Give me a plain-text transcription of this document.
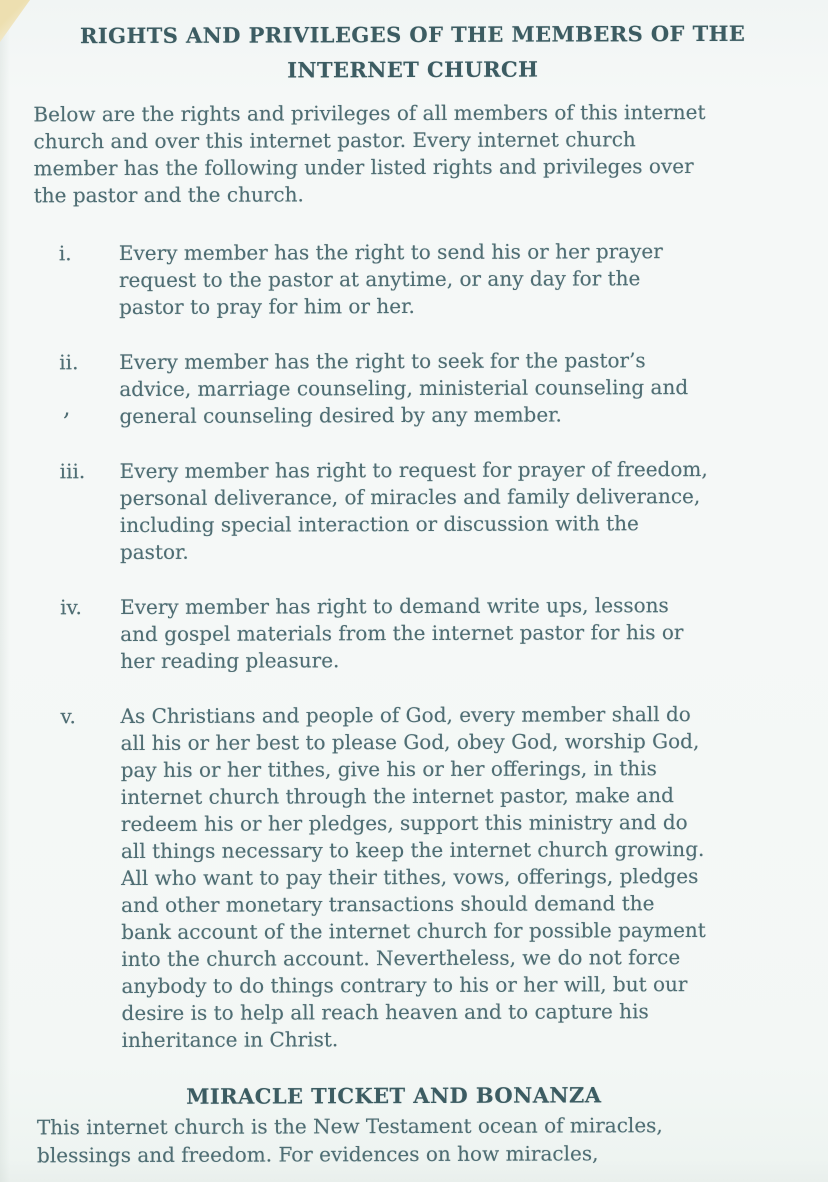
RIGHTS AND PRIVILEGES OF THE MEMBERS OF THE
INTERNET CHURCH

Below are the rights and privileges of all members of this internet
church and over this internet pastor. Every internet church
member has the following under listed rights and privileges over
the pastor and the church.

i.	Every member has the right to send his or her prayer
request to the pastor at anytime, or any day for the
pastor to pray for him or her.
ii.	Every member has the right to seek for the pastor’s
advice, marriage counseling, ministerial counseling and
general counseling desired by any member.
iii.	Every member has right to request for prayer of freedom,
personal deliverance, of miracles and family deliverance,
including special interaction or discussion with the
pastor.
iv.	Every member has right to demand write ups, lessons
and gospel materials from the internet pastor for his or
her reading pleasure.
v.	As Christians and people of God, every member shall do
all his or her best to please God, obey God, worship God,
pay his or her tithes, give his or her offerings, in this
internet church through the internet pastor, make and
redeem his or her pledges, support this ministry and do
all things necessary to keep the internet church growing.
All who want to pay their tithes, vows, offerings, pledges
and other monetary transactions should demand the
bank account of the internet church for possible payment
into the church account. Nevertheless, we do not force
anybody to do things contrary to his or her will, but our
desire is to help all reach heaven and to capture his
inheritance in Christ.
MIRACLE TICKET AND BONANZA

This internet church is the New Testament ocean of miracles,
blessings and freedom. For evidences on how miracles,

,
